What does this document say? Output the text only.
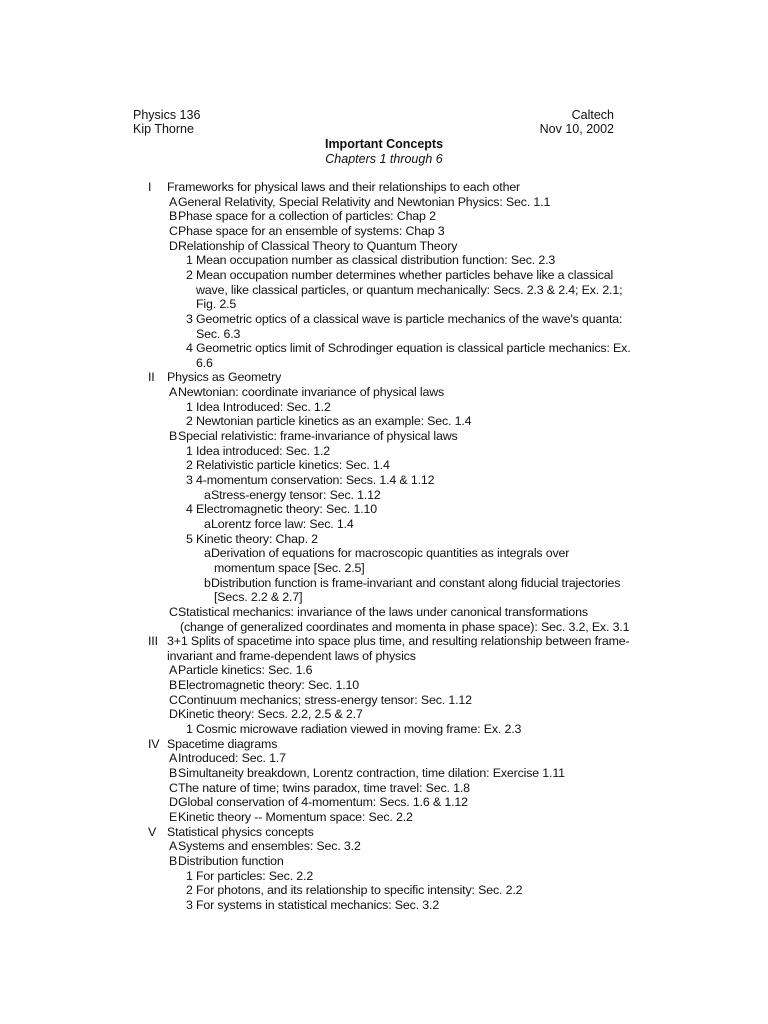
Physics 136
Kip Thorne
Caltech
Nov 10, 2002
Important Concepts
Chapters 1 through 6
I Frameworks for physical laws and their relationships to each other
A General Relativity, Special Relativity and Newtonian Physics: Sec. 1.1
B Phase space for a collection of particles: Chap 2
C Phase space for an ensemble of systems: Chap 3
D Relationship of Classical Theory to Quantum Theory
1 Mean occupation number as classical distribution function: Sec. 2.3
2 Mean occupation number determines whether particles behave like a classical
wave, like classical particles, or quantum mechanically: Secs. 2.3 & 2.4; Ex. 2.1;
Fig. 2.5
3 Geometric optics of a classical wave is particle mechanics of the wave's quanta:
Sec. 6.3
4 Geometric optics limit of Schrodinger equation is classical particle mechanics: Ex.
6.6
II Physics as Geometry
A Newtonian: coordinate invariance of physical laws
1 Idea Introduced: Sec. 1.2
2 Newtonian particle kinetics as an example: Sec. 1.4
B Special relativistic: frame-invariance of physical laws
1 Idea introduced: Sec. 1.2
2 Relativistic particle kinetics: Sec. 1.4
3 4-momentum conservation: Secs. 1.4 & 1.12
a Stress-energy tensor: Sec. 1.12
4 Electromagnetic theory: Sec. 1.10
a Lorentz force law: Sec. 1.4
5 Kinetic theory: Chap. 2
a Derivation of equations for macroscopic quantities as integrals over
momentum space [Sec. 2.5]
b Distribution function is frame-invariant and constant along fiducial trajectories
[Secs. 2.2 & 2.7]
C Statistical mechanics: invariance of the laws under canonical transformations
(change of generalized coordinates and momenta in phase space): Sec. 3.2, Ex. 3.1
III 3+1 Splits of spacetime into space plus time, and resulting relationship between frame-
invariant and frame-dependent laws of physics
A Particle kinetics: Sec. 1.6
B Electromagnetic theory: Sec. 1.10
C Continuum mechanics; stress-energy tensor: Sec. 1.12
D Kinetic theory: Secs. 2.2, 2.5 & 2.7
1 Cosmic microwave radiation viewed in moving frame: Ex. 2.3
IV Spacetime diagrams
A Introduced: Sec. 1.7
B Simultaneity breakdown, Lorentz contraction, time dilation: Exercise 1.11
C The nature of time; twins paradox, time travel: Sec. 1.8
D Global conservation of 4-momentum: Secs. 1.6 & 1.12
E Kinetic theory -- Momentum space: Sec. 2.2
V Statistical physics concepts
A Systems and ensembles: Sec. 3.2
B Distribution function
1 For particles: Sec. 2.2
2 For photons, and its relationship to specific intensity: Sec. 2.2
3 For systems in statistical mechanics: Sec. 3.2
